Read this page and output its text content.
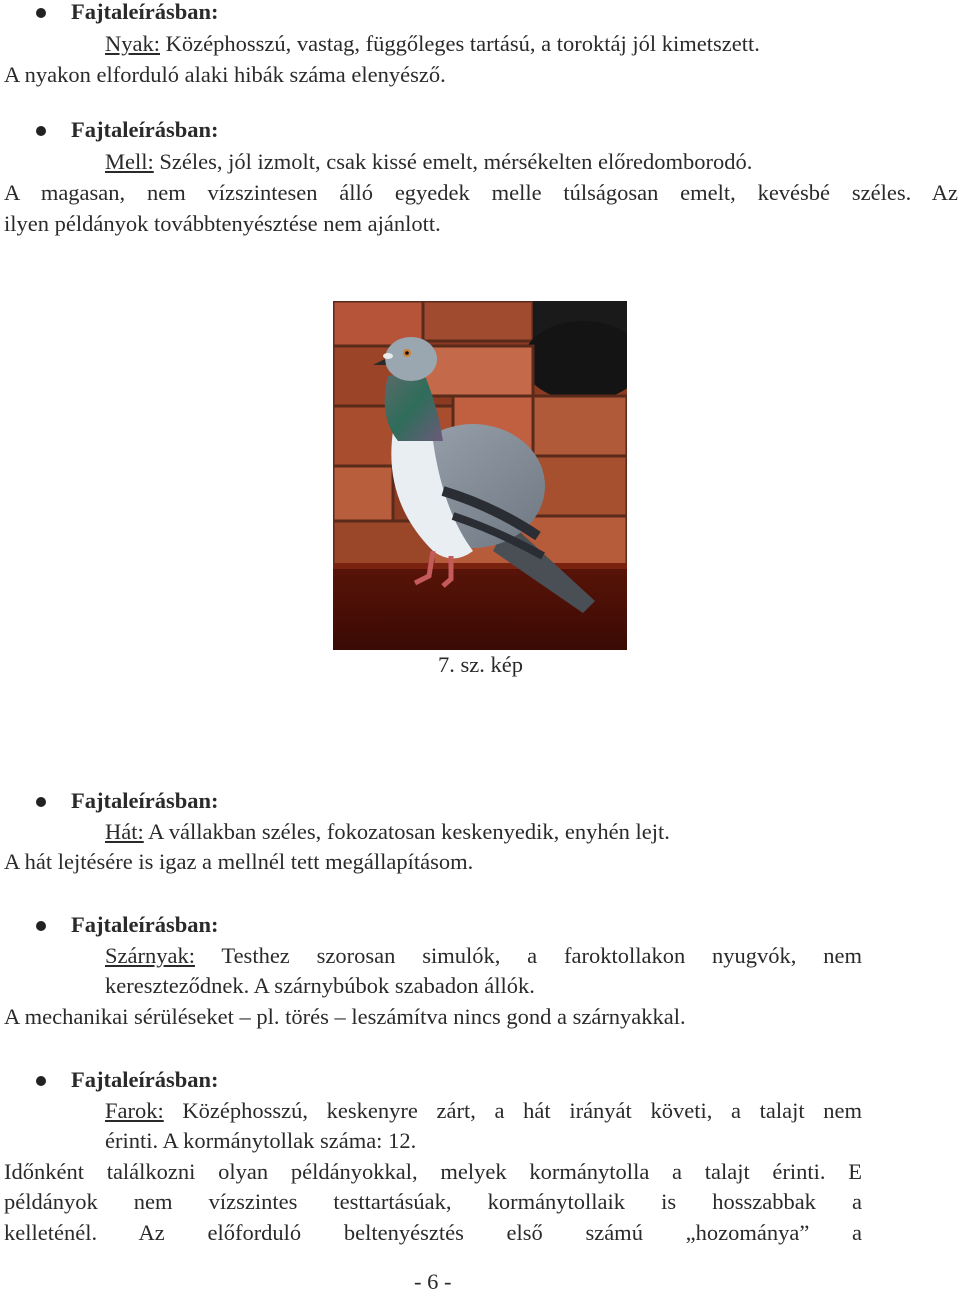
Fajtaleírásban:
Nyak: Középhosszú, vastag, függőleges tartású, a toroktáj jól kimetszett.
A nyakon elforduló alaki hibák száma elenyésző.
Fajtaleírásban:
Mell: Széles, jól izmolt, csak kissé emelt, mérsékelten előredomborodó.
A magasan, nem vízszintesen álló egyedek melle túlságosan emelt, kevésbé széles. Az
ilyen példányok továbbtenyésztése nem ajánlott.
7. sz. kép
Fajtaleírásban:
Hát: A vállakban széles, fokozatosan keskenyedik, enyhén lejt.
A hát lejtésére is igaz a mellnél tett megállapításom.
Fajtaleírásban:
Szárnyak: Testhez szorosan simulók, a faroktollakon nyugvók, nem
kereszteződnek. A szárnybúbok szabadon állók.
A mechanikai sérüléseket – pl. törés – leszámítva nincs gond a szárnyakkal.
Fajtaleírásban:
Farok: Középhosszú, keskenyre zárt, a hát irányát követi, a talajt nem
érinti. A kormánytollak száma: 12.
Időnként találkozni olyan példányokkal, melyek kormánytolla a talajt érinti. E
példányok nem vízszintes testtartásúak, kormánytollaik is hosszabbak a
kelleténél. Az előforduló beltenyésztés első számú „hozománya” a
- 6 -
